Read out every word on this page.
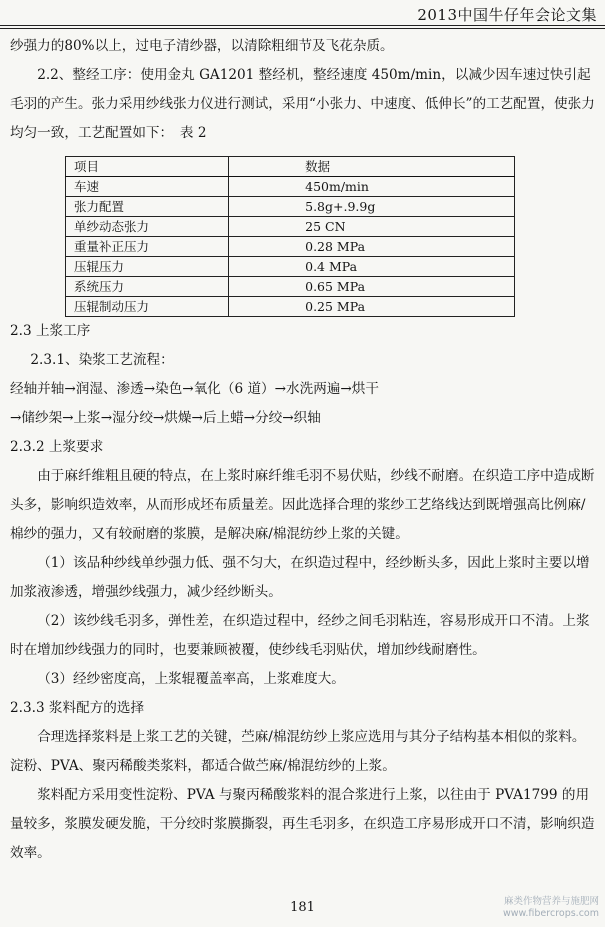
2013中国牛仔年会论文集

纱强力的80%以上，过电子清纱器，以清除粗细节及飞花杂质。

2.2、整经工序：使用金丸 GA1201 整经机，整经速度 450m/min，以减少因车速过快引起毛羽的产生。张力采用纱线张力仪进行测试，采用“小张力、中速度、低伸长”的工艺配置，使张力均匀一致，工艺配置如下：　表 2

项目	数据
车速	450m/min
张力配置	5.8g+.9.9g
单纱动态张力	25 CN
重量补正压力	0.28 MPa
压辊压力	0.4 MPa
系统压力	0.65 MPa
压辊制动压力	0.25 MPa

2.3 上浆工序

2.3.1、染浆工艺流程：

经轴并轴→润湿、渗透→染色→氧化（6 道）→水洗两遍→烘干

→储纱架→上浆→湿分绞→烘燥→后上蜡→分绞→织轴

2.3.2 上浆要求

由于麻纤维粗且硬的特点，在上浆时麻纤维毛羽不易伏贴，纱线不耐磨。在织造工序中造成断头多，影响织造效率，从而形成坯布质量差。因此选择合理的浆纱工艺络线达到既增强高比例麻/棉纱的强力，又有较耐磨的浆膜，是解决麻/棉混纺纱上浆的关键。

（1）该品种纱线单纱强力低、强不匀大，在织造过程中，经纱断头多，因此上浆时主要以增加浆液渗透，增强纱线强力，减少经纱断头。

（2）该纱线毛羽多，弹性差，在织造过程中，经纱之间毛羽粘连，容易形成开口不清。上浆时在增加纱线强力的同时，也要兼顾被覆，使纱线毛羽贴伏，增加纱线耐磨性。

（3）经纱密度高，上浆辊覆盖率高，上浆难度大。

2.3.3 浆料配方的选择

合理选择浆料是上浆工艺的关键，苎麻/棉混纺纱上浆应选用与其分子结构基本相似的浆料。淀粉、PVA、聚丙稀酸类浆料，都适合做苎麻/棉混纺纱的上浆。

浆料配方采用变性淀粉、PVA 与聚丙稀酸浆料的混合浆进行上浆，以往由于 PVA1799 的用量较多，浆膜发硬发脆，干分绞时浆膜撕裂，再生毛羽多，在织造工序易形成开口不清，影响织造效率。

181	麻类作物营养与施肥网
www.fibercrops.com
